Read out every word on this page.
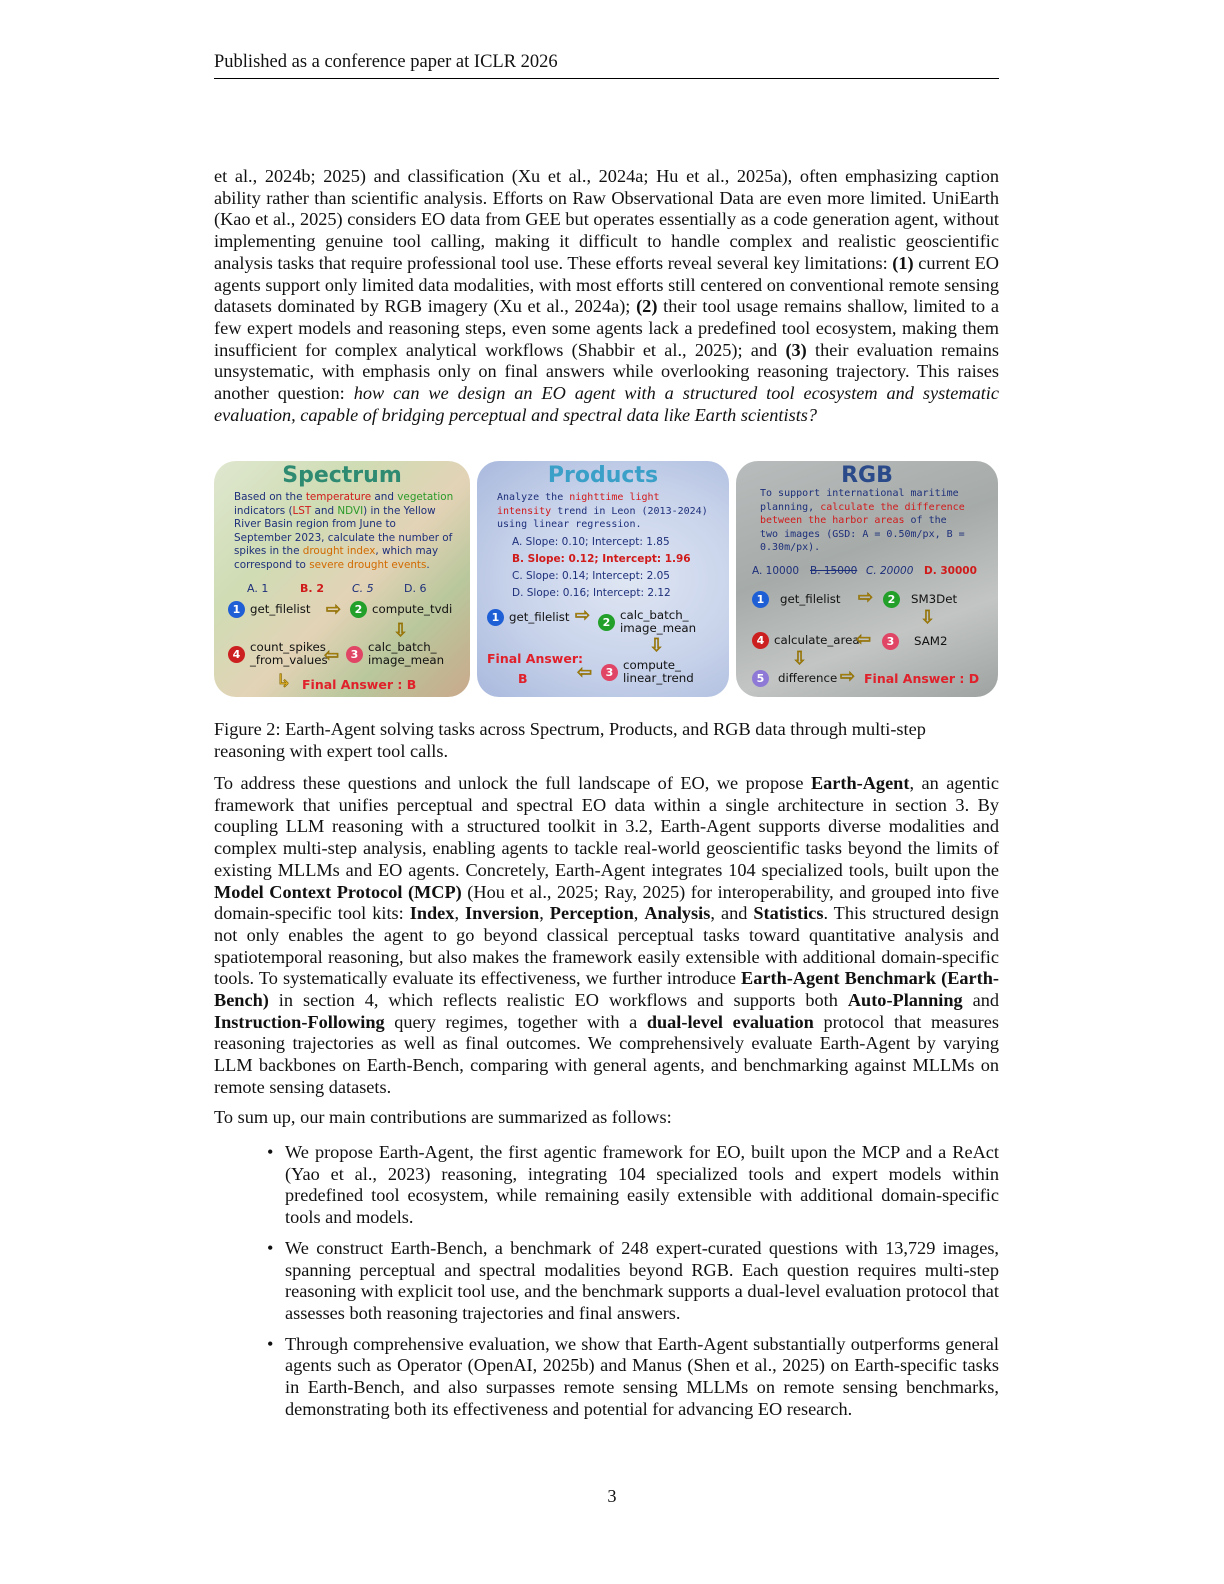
Published as a conference paper at ICLR 2026
et al., 2024b; 2025) and classification (Xu et al., 2024a; Hu et al., 2025a), often emphasizing caption ability rather than scientific analysis. Efforts on Raw Observational Data are even more limited. UniEarth (Kao et al., 2025) considers EO data from GEE but operates essentially as a code generation agent, without implementing genuine tool calling, making it difficult to handle complex and realistic geoscientific analysis tasks that require professional tool use. These efforts reveal several key limitations: (1) current EO agents support only limited data modalities, with most efforts still centered on conventional remote sensing datasets dominated by RGB imagery (Xu et al., 2024a); (2) their tool usage remains shallow, limited to a few expert models and reasoning steps, even some agents lack a predefined tool ecosystem, making them insufficient for complex analytical workflows (Shabbir et al., 2025); and (3) their evaluation remains unsystematic, with emphasis only on final answers while overlooking reasoning trajectory. This raises another question: how can we design an EO agent with a structured tool ecosystem and systematic evaluation, capable of bridging perceptual and spectral data like Earth scientists?
Spectrum
Based on the temperature and vegetation indicators (LST and NDVI) in the Yellow River Basin region from June to September 2023, calculate the number of spikes in the drought index, which may correspond to severe drought events.
A. 1	B. 2	C. 5	D. 6
1 get_filelist ⇨	2 compute_tvdi
⇩
4 count_spikes _from_values
⇦	3 calc_batch_ image_mean
↳ Final Answer : B
Products
Analyze the nighttime light intensity trend in Leon (2013-2024) using linear regression.
A. Slope: 0.10; Intercept: 1.85
B. Slope: 0.12; Intercept: 1.96
C. Slope: 0.14; Intercept: 2.05
D. Slope: 0.16; Intercept: 2.12
1 get_filelist ⇨	2 calc_batch_ image_mean
⇩
Final Answer:
B	⇦	3 compute_ linear_trend
RGB
To support international maritime planning, calculate the difference between the harbor areas of the two images (GSD: A = 0.50m/px, B = 0.30m/px).
A. 10000 B. 15000 C. 20000 D. 30000
1	get_filelist ⇨	2	SM3Det
⇩
4 calculate_area
⇦	3	SAM2
⇩
5	difference ⇨ Final Answer : D
Figure 2: Earth-Agent solving tasks across Spectrum, Products, and RGB data through multi-step reasoning with expert tool calls.
To address these questions and unlock the full landscape of EO, we propose Earth-Agent, an agentic framework that unifies perceptual and spectral EO data within a single architecture in section 3. By coupling LLM reasoning with a structured toolkit in 3.2, Earth-Agent supports diverse modalities and complex multi-step analysis, enabling agents to tackle real-world geoscientific tasks beyond the limits of existing MLLMs and EO agents. Concretely, Earth-Agent integrates 104 specialized tools, built upon the Model Context Protocol (MCP) (Hou et al., 2025; Ray, 2025) for interoperability, and grouped into five domain-specific tool kits: Index, Inversion, Perception, Analysis, and Statistics. This structured design not only enables the agent to go beyond classical perceptual tasks toward quantitative analysis and spatiotemporal reasoning, but also makes the framework easily extensible with additional domain-specific tools. To systematically evaluate its effectiveness, we further introduce Earth-Agent Benchmark (Earth-Bench) in section 4, which reflects realistic EO workflows and supports both Auto-Planning and Instruction-Following query regimes, together with a dual-level evaluation protocol that measures reasoning trajectories as well as final outcomes. We comprehensively evaluate Earth-Agent by varying LLM backbones on Earth-Bench, comparing with general agents, and benchmarking against MLLMs on remote sensing datasets.
To sum up, our main contributions are summarized as follows:
• We propose Earth-Agent, the first agentic framework for EO, built upon the MCP and a ReAct (Yao et al., 2023) reasoning, integrating 104 specialized tools and expert models within predefined tool ecosystem, while remaining easily extensible with additional domain-specific tools and models.
• We construct Earth-Bench, a benchmark of 248 expert-curated questions with 13,729 images, spanning perceptual and spectral modalities beyond RGB. Each question requires multi-step reasoning with explicit tool use, and the benchmark supports a dual-level evaluation protocol that assesses both reasoning trajectories and final answers.
• Through comprehensive evaluation, we show that Earth-Agent substantially outperforms general agents such as Operator (OpenAI, 2025b) and Manus (Shen et al., 2025) on Earth-specific tasks in Earth-Bench, and also surpasses remote sensing MLLMs on remote sensing benchmarks, demonstrating both its effectiveness and potential for advancing EO research.
3
